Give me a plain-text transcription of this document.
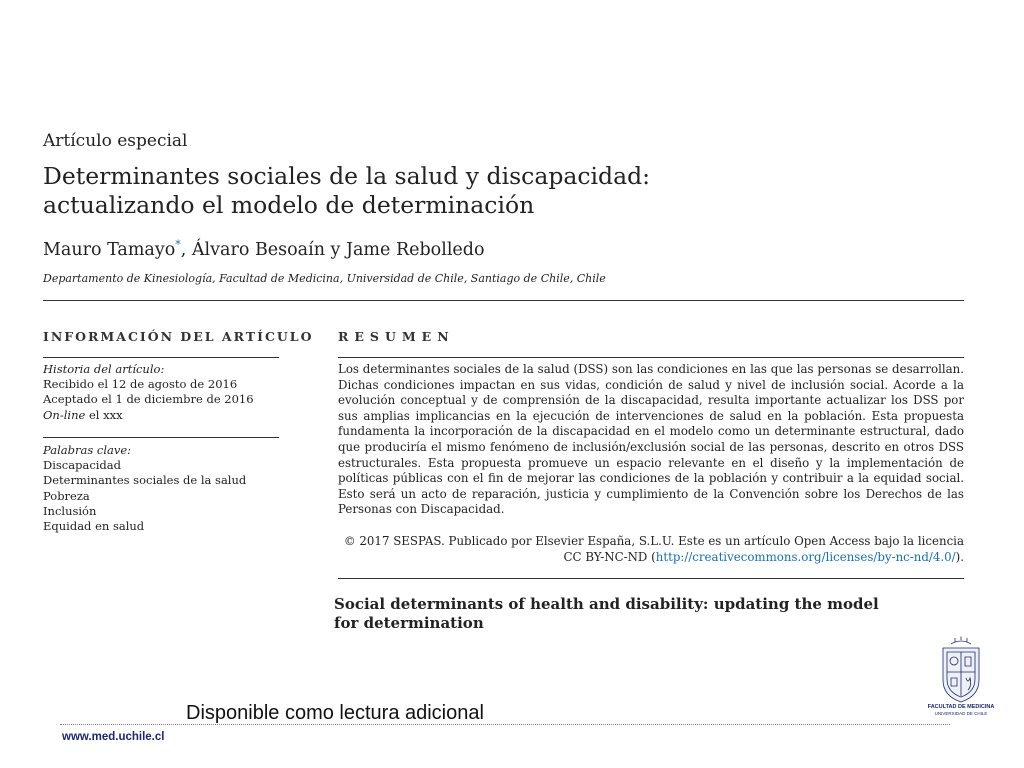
Artículo especial
Determinantes sociales de la salud y discapacidad:
actualizando el modelo de determinación
Mauro Tamayo*, Álvaro Besoaín y Jame Rebolledo
Departamento de Kinesiología, Facultad de Medicina, Universidad de Chile, Santiago de Chile, Chile
INFORMACIÓN DEL ARTÍCULO RESUMEN
Historia del artículo:
Recibido el 12 de agosto de 2016
Aceptado el 1 de diciembre de 2016
On-line el xxx
Palabras clave:
Discapacidad
Determinantes sociales de la salud
Pobreza
Inclusión
Equidad en salud
Los determinantes sociales de la salud (DSS) son las condiciones en las que las personas se desarrollan. Dichas condiciones impactan en sus vidas, condición de salud y nivel de inclusión social. Acorde a la evolución conceptual y de comprensión de la discapacidad, resulta importante actualizar los DSS por sus amplias implicancias en la ejecución de intervenciones de salud en la población. Esta propuesta fundamenta la incorporación de la discapacidad en el modelo como un determinante estructural, dado que produciría el mismo fenómeno de inclusión/exclusión social de las personas, descrito en otros DSS estructurales. Esta propuesta promueve un espacio relevante en el diseño y la implementación de políticas públicas con el fin de mejorar las condiciones de la población y contribuir a la equidad social. Esto será un acto de reparación, justicia y cumplimiento de la Convención sobre los Derechos de las Personas con Discapacidad.
© 2017 SESPAS. Publicado por Elsevier España, S.L.U. Este es un artículo Open Access bajo la licencia
CC BY-NC-ND (http://creativecommons.org/licenses/by-nc-nd/4.0/).
Social determinants of health and disability: updating the model
for determination
Disponible como lectura adicional
www.med.uchile.cl
FACULTAD DE MEDICINA
UNIVERSIDAD DE CHILE
